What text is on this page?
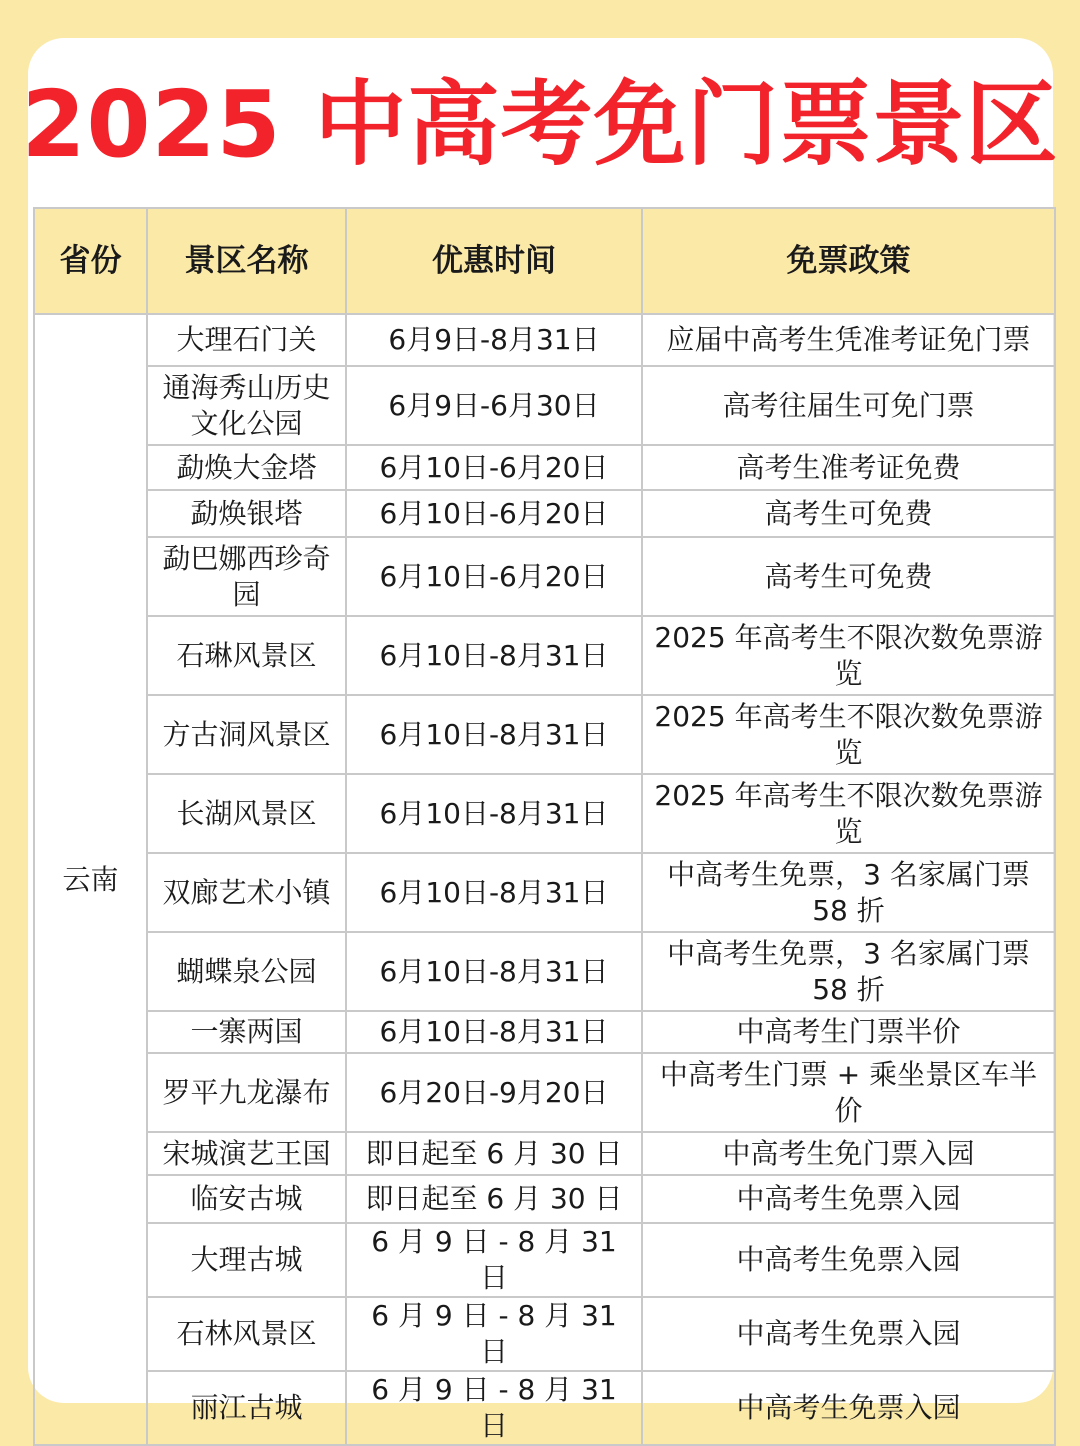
2025 中高考免门票景区
省份	景区名称	优惠时间	免票政策
云南	大理石门关	6月9日-8月31日	应届中高考生凭准考证免门票
	通海秀山历史文化公园	6月9日-6月30日	高考往届生可免门票
	勐焕大金塔	6月10日-6月20日	高考生准考证免费
	勐焕银塔	6月10日-6月20日	高考生可免费
	勐巴娜西珍奇园	6月10日-6月20日	高考生可免费
	石琳风景区	6月10日-8月31日	2025 年高考生不限次数免票游览
	方古洞风景区	6月10日-8月31日	2025 年高考生不限次数免票游览
	长湖风景区	6月10日-8月31日	2025 年高考生不限次数免票游览
	双廊艺术小镇	6月10日-8月31日	中高考生免票，3 名家属门票 58 折
	蝴蝶泉公园	6月10日-8月31日	中高考生免票，3 名家属门票 58 折
	一寨两国	6月10日-8月31日	中高考生门票半价
	罗平九龙瀑布	6月20日-9月20日	中高考生门票 + 乘坐景区车半价
	宋城演艺王国	即日起至 6 月 30 日	中高考生免门票入园
	临安古城	即日起至 6 月 30 日	中高考生免票入园
	大理古城	6 月 9 日 - 8 月 31 日	中高考生免票入园
	石林风景区	6 月 9 日 - 8 月 31 日	中高考生免票入园
	丽江古城	6 月 9 日 - 8 月 31 日	中高考生免票入园
